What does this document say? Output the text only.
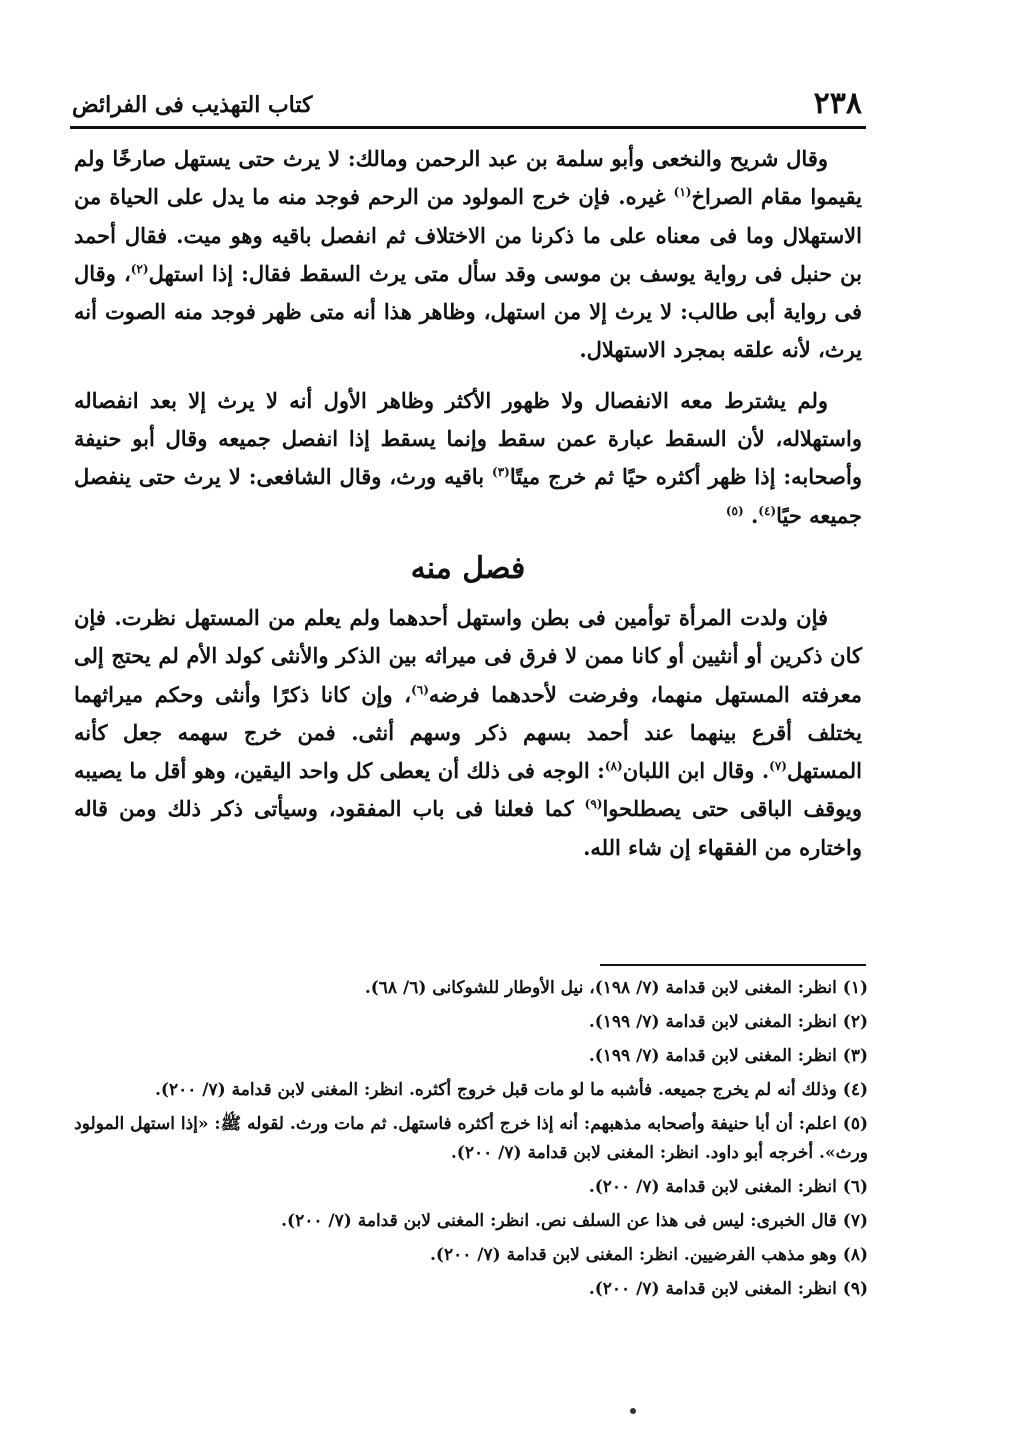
٢٣٨
كتاب التهذيب فى الفرائض

وقال شريح والنخعى وأبو سلمة بن عبد الرحمن ومالك: لا يرث حتى يستهل صارخًا ولم يقيموا مقام الصراخ$^{(١)}$ غيره. فإن خرج المولود من الرحم فوجد منه ما يدل على الحياة من الاستهلال وما فى معناه على ما ذكرنا من الاختلاف ثم انفصل باقيه وهو ميت. فقال أحمد بن حنبل فى رواية يوسف بن موسى وقد سأل متى يرث السقط فقال: إذا استهل$^{(٢)}$، وقال فى رواية أبى طالب: لا يرث إلا من استهل، وظاهر هذا أنه متى ظهر فوجد منه الصوت أنه يرث، لأنه علقه بمجرد الاستهلال.

ولم يشترط معه الانفصال ولا ظهور الأكثر وظاهر الأول أنه لا يرث إلا بعد انفصاله واستهلاله، لأن السقط عبارة عمن سقط وإنما يسقط إذا انفصل جميعه وقال أبو حنيفة وأصحابه: إذا ظهر أكثره حيًا ثم خرج ميتًا$^{(٣)}$ باقيه ورث، وقال الشافعى: لا يرث حتى ينفصل جميعه حيًا$^{(٤)}$. $^{(٥)}$

فصل منه

فإن ولدت المرأة توأمين فى بطن واستهل أحدهما ولم يعلم من المستهل نظرت. فإن كان ذكرين أو أنثيين أو كانا ممن لا فرق فى ميراثه بين الذكر والأنثى كولد الأم لم يحتج إلى معرفته المستهل منهما، وفرضت لأحدهما فرضه$^{(٦)}$، وإن كانا ذكرًا وأنثى وحكم ميراثهما يختلف أقرع بينهما عند أحمد بسهم ذكر وسهم أنثى. فمن خرج سهمه جعل كأنه المستهل$^{(٧)}$. وقال ابن اللبان$^{(٨)}$: الوجه فى ذلك أن يعطى كل واحد اليقين، وهو أقل ما يصيبه ويوقف الباقى حتى يصطلحوا$^{(٩)}$ كما فعلنا فى باب المفقود، وسيأتى ذكر ذلك ومن قاله واختاره من الفقهاء إن شاء الله.

(١) انظر: المغنى لابن قدامة (٧/ ١٩٨)، نيل الأوطار للشوكانى (٦/ ٦٨).
(٢) انظر: المغنى لابن قدامة (٧/ ١٩٩).
(٣) انظر: المغنى لابن قدامة (٧/ ١٩٩).
(٤) وذلك أنه لم يخرج جميعه. فأشبه ما لو مات قبل خروج أكثره. انظر: المغنى لابن قدامة (٧/ ٢٠٠).
(٥) اعلم: أن أبا حنيفة وأصحابه مذهبهم: أنه إذا خرج أكثره فاستهل. ثم مات ورث. لقوله ﷺ: «إذا استهل المولود ورث». أخرجه أبو داود. انظر: المغنى لابن قدامة (٧/ ٢٠٠).
(٦) انظر: المغنى لابن قدامة (٧/ ٢٠٠).
(٧) قال الخبرى: ليس فى هذا عن السلف نص. انظر: المغنى لابن قدامة (٧/ ٢٠٠).
(٨) وهو مذهب الفرضيين. انظر: المغنى لابن قدامة (٧/ ٢٠٠).
(٩) انظر: المغنى لابن قدامة (٧/ ٢٠٠).
